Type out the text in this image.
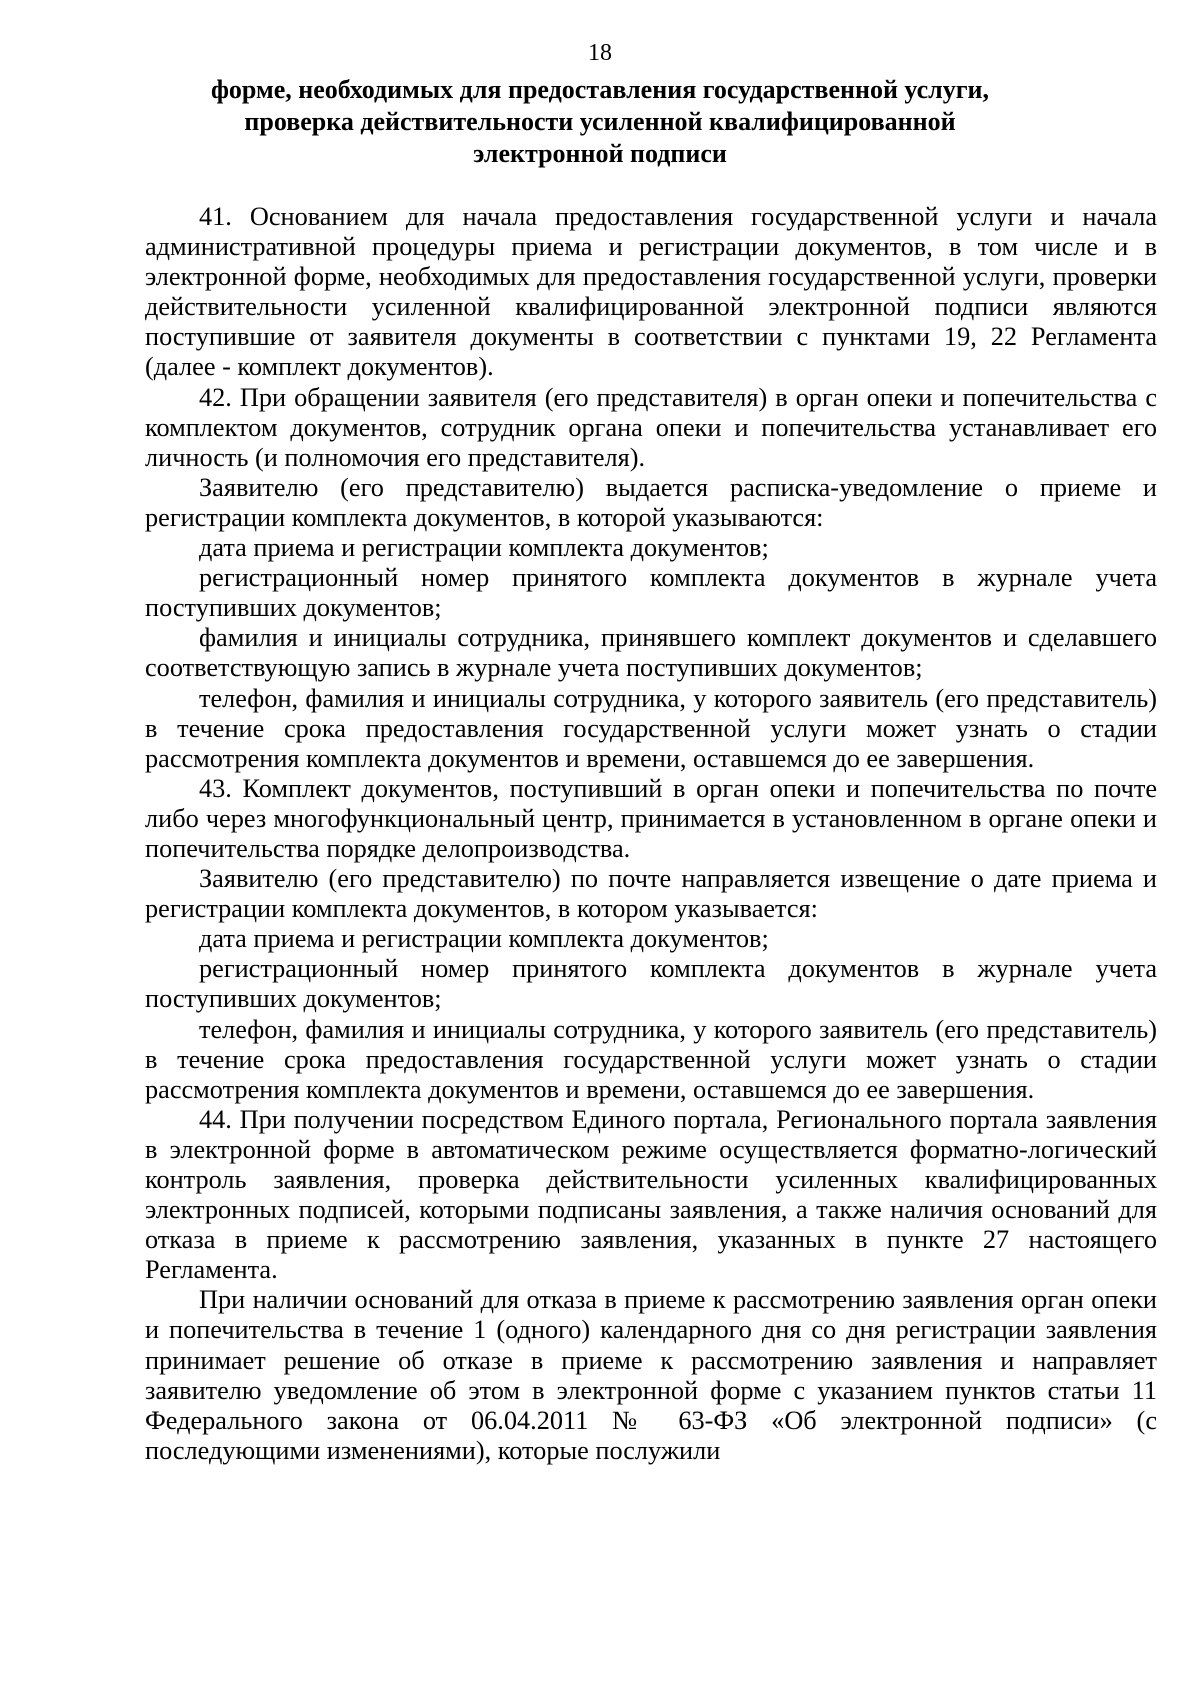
18
формe, необходимых для предоставления государственной услуги, проверка действительности усиленной квалифицированной электронной подписи

41. Основанием для начала предоставления государственной услуги и начала административной процедуры приема и регистрации документов, в том числе и в электронной форме, необходимых для предоставления государственной услуги, проверки действительности усиленной квалифицированной электронной подписи являются поступившие от заявителя документы в соответствии с пунктами 19, 22 Регламента (далее - комплект документов).

42. При обращении заявителя (его представителя) в орган опеки и попечительства с комплектом документов, сотрудник органа опеки и попечительства устанавливает его личность (и полномочия его представителя).

Заявителю (его представителю) выдается расписка-уведомление о приеме и регистрации комплекта документов, в которой указываются:

дата приема и регистрации комплекта документов;

регистрационный номер принятого комплекта документов в журнале учета поступивших документов;

фамилия и инициалы сотрудника, принявшего комплект документов и сделавшего соответствующую запись в журнале учета поступивших документов;

телефон, фамилия и инициалы сотрудника, у которого заявитель (его представитель) в течение срока предоставления государственной услуги может узнать о стадии рассмотрения комплекта документов и времени, оставшемся до ее завершения.

43. Комплект документов, поступивший в орган опеки и попечительства по почте либо через многофункциональный центр, принимается в установленном в органе опеки и попечительства порядке делопроизводства.

Заявителю (его представителю) по почте направляется извещение о дате приема и регистрации комплекта документов, в котором указывается:

дата приема и регистрации комплекта документов;

регистрационный номер принятого комплекта документов в журнале учета поступивших документов;

телефон, фамилия и инициалы сотрудника, у которого заявитель (его представитель) в течение срока предоставления государственной услуги может узнать о стадии рассмотрения комплекта документов и времени, оставшемся до ее завершения.

44. При получении посредством Единого портала, Регионального портала заявления в электронной форме в автоматическом режиме осуществляется форматно-логический контроль заявления, проверка действительности усиленных квалифицированных электронных подписей, которыми подписаны заявления, а также наличия оснований для отказа в приеме к рассмотрению заявления, указанных в пункте 27 настоящего Регламента.

При наличии оснований для отказа в приеме к рассмотрению заявления орган опеки и попечительства в течение 1 (одного) календарного дня со дня регистрации заявления принимает решение об отказе в приеме к рассмотрению заявления и направляет заявителю уведомление об этом в электронной форме с указанием пунктов статьи 11 Федерального закона от 06.04.2011 № 63-ФЗ «Об электронной подписи» (с последующими изменениями), которые послужили
